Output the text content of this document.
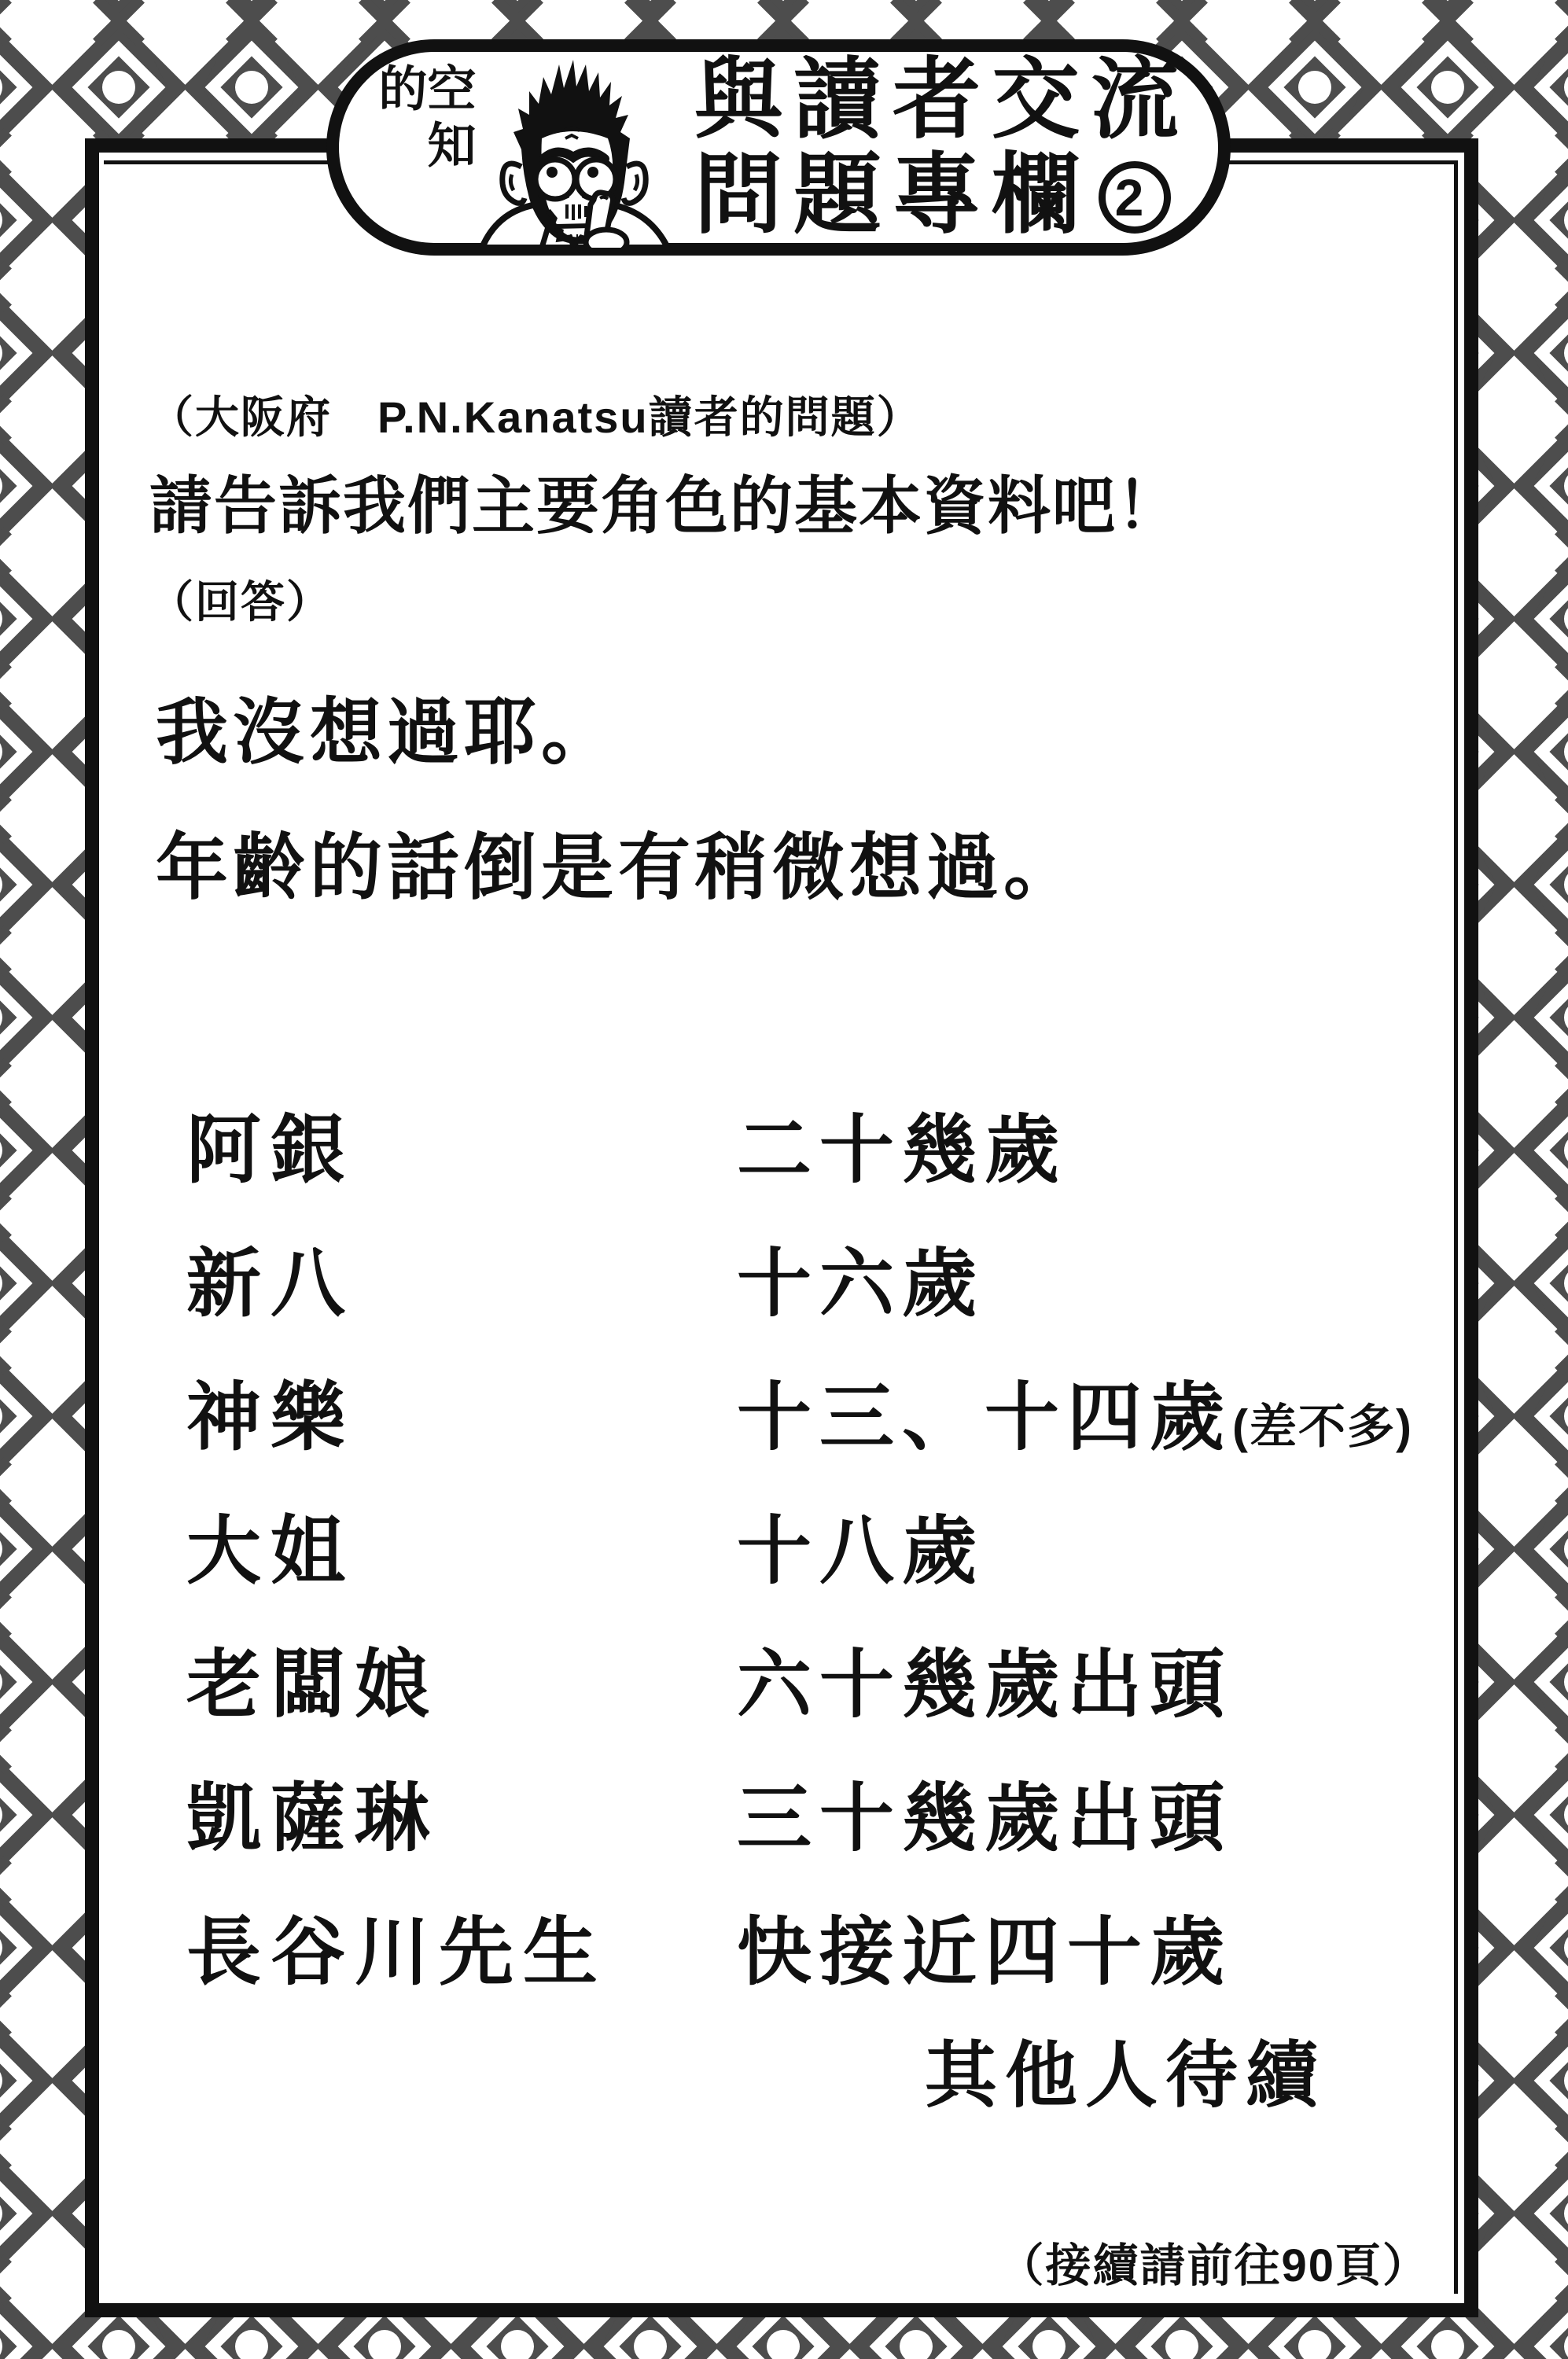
（大阪府　P.N.Kanatsu讀者的問題）
請告訴我們主要角色的基本資料吧！
（回答）
我沒想過耶。
年齡的話倒是有稍微想過。
阿銀	二十幾歲
新八	十六歲
神樂	十三、十四歲(差不多)
大姐	十八歲
老闆娘	六十幾歲出頭
凱薩琳	三十幾歲出頭
長谷川先生	快接近四十歲
其他人待續
（接續請前往90頁）
空知的	與讀者交流
問題專欄 2
